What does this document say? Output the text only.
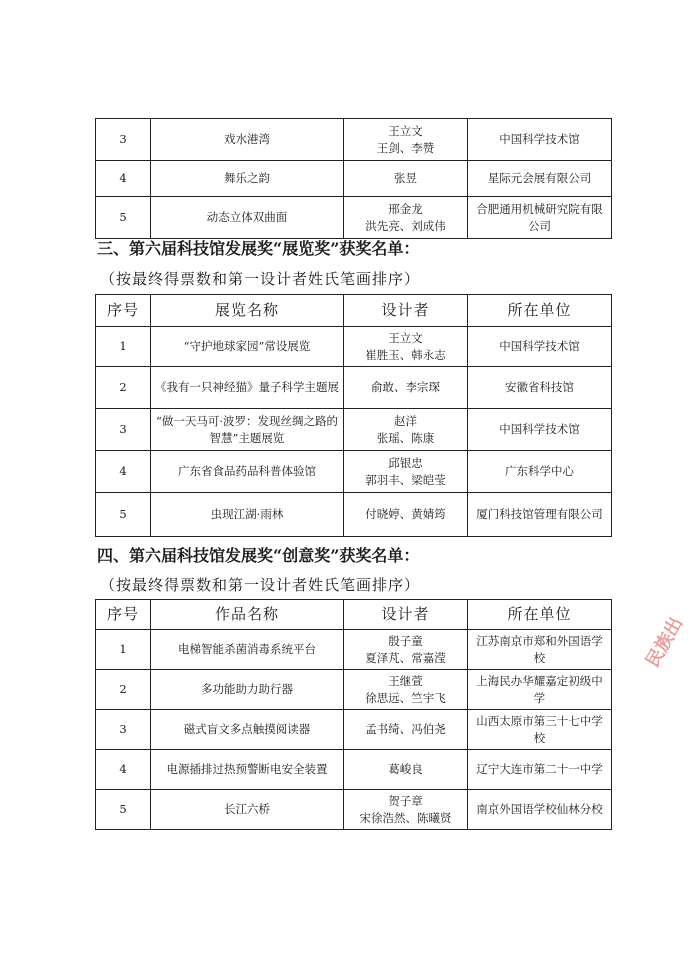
3	戏水港湾	王立文
王剑、李赞	中国科学技术馆
4	舞乐之韵	张昱	星际元会展有限公司
5	动态立体双曲面	邢金龙
洪先亮、刘成伟	合肥通用机械研究院有限公司
三、第六届科技馆发展奖“展览奖”获奖名单：
（按最终得票数和第一设计者姓氏笔画排序）
序号	展览名称	设计者	所在单位
1	“守护地球家园”常设展览	王立文
崔胜玉、韩永志	中国科学技术馆
2	《我有一只神经猫》量子科学主题展	俞敢、李宗琛	安徽省科技馆
3	“做一天马可·波罗：发现丝绸之路的智慧”主题展览	赵洋
张瑶、陈康	中国科学技术馆
4	广东省食品药品科普体验馆	邱银忠
郭羽丰、梁皑莹	广东科学中心
5	虫现江湖·雨林	付晓婷、黄婧筠	厦门科技馆管理有限公司
四、第六届科技馆发展奖“创意奖”获奖名单：
（按最终得票数和第一设计者姓氏笔画排序）
序号	作品名称	设计者	所在单位
1	电梯智能杀菌消毒系统平台	殷子童
夏泽芃、常嘉滢	江苏南京市郑和外国语学校
2	多功能助力助行器	王继萱
徐思远、竺宇飞	上海民办华耀嘉定初级中学
3	磁式盲文多点触摸阅读器	孟书绮、冯伯尧	山西太原市第三十七中学校
4	电源插排过热预警断电安全装置	葛峻良	辽宁大连市第二十一中学
5	长江六桥	贺子章
宋徐浩然、陈曦贤	南京外国语学校仙林分校
民族出
